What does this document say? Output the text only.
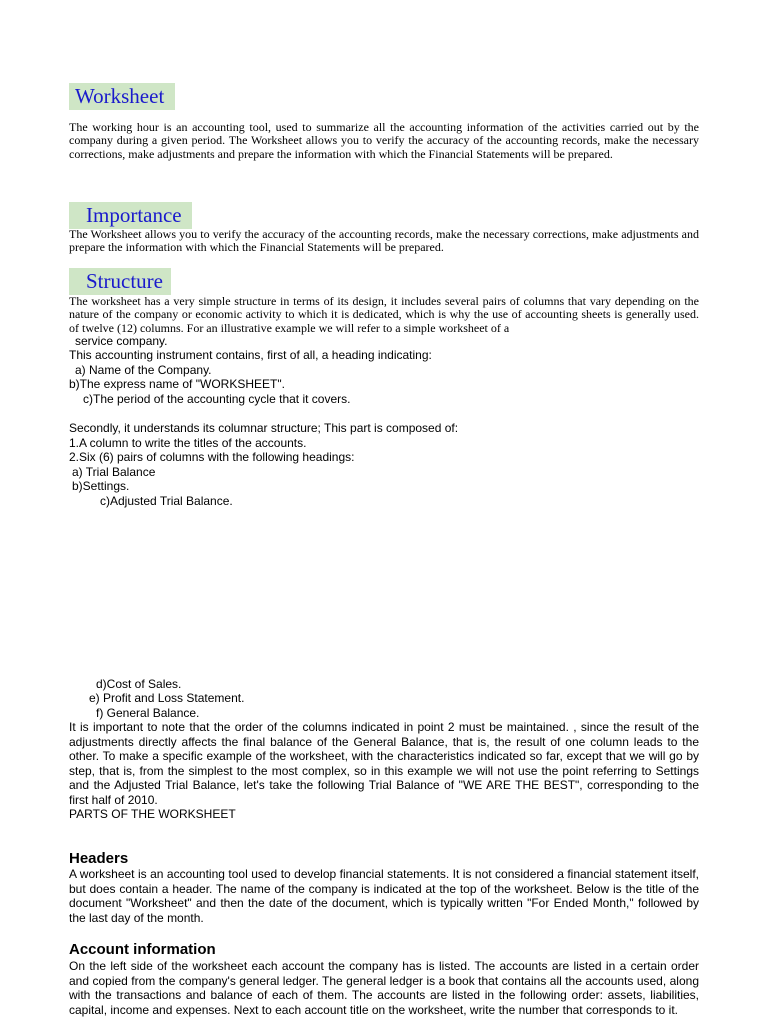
Worksheet
The working hour is an accounting tool, used to summarize all the accounting information of the activities carried out by the company during a given period. The Worksheet allows you to verify the accuracy of the accounting records, make the necessary corrections, make adjustments and prepare the information with which the Financial Statements will be prepared.
Importance
The Worksheet allows you to verify the accuracy of the accounting records, make the necessary corrections, make adjustments and prepare the information with which the Financial Statements will be prepared.
Structure
The worksheet has a very simple structure in terms of its design, it includes several pairs of columns that vary depending on the nature of the company or economic activity to which it is dedicated, which is why the use of accounting sheets is generally used. of twelve (12) columns. For an illustrative example we will refer to a simple worksheet of a
service company.
This accounting instrument contains, first of all, a heading indicating:
a) Name of the Company.
b)The express name of "WORKSHEET".
c)The period of the accounting cycle that it covers.
Secondly, it understands its columnar structure; This part is composed of:
1.A column to write the titles of the accounts.
2.Six (6) pairs of columns with the following headings:
a) Trial Balance
b)Settings.
c)Adjusted Trial Balance.
d)Cost of Sales.
e) Profit and Loss Statement.
f) General Balance.
It is important to note that the order of the columns indicated in point 2 must be maintained. , since the result of the adjustments directly affects the final balance of the General Balance, that is, the result of one column leads to the other. To make a specific example of the worksheet, with the characteristics indicated so far, except that we will go by step, that is, from the simplest to the most complex, so in this example we will not use the point referring to Settings and the Adjusted Trial Balance, let's take the following Trial Balance of "WE ARE THE BEST", corresponding to the first half of 2010.
PARTS OF THE WORKSHEET
Headers
A worksheet is an accounting tool used to develop financial statements. It is not considered a financial statement itself, but does contain a header. The name of the company is indicated at the top of the worksheet. Below is the title of the document "Worksheet" and then the date of the document, which is typically written "For Ended Month," followed by the last day of the month.
Account information
On the left side of the worksheet each account the company has is listed. The accounts are listed in a certain order and copied from the company's general ledger. The general ledger is a book that contains all the accounts used, along with the transactions and balance of each of them. The accounts are listed in the following order: assets, liabilities, capital, income and expenses. Next to each account title on the worksheet, write the number that corresponds to it.
